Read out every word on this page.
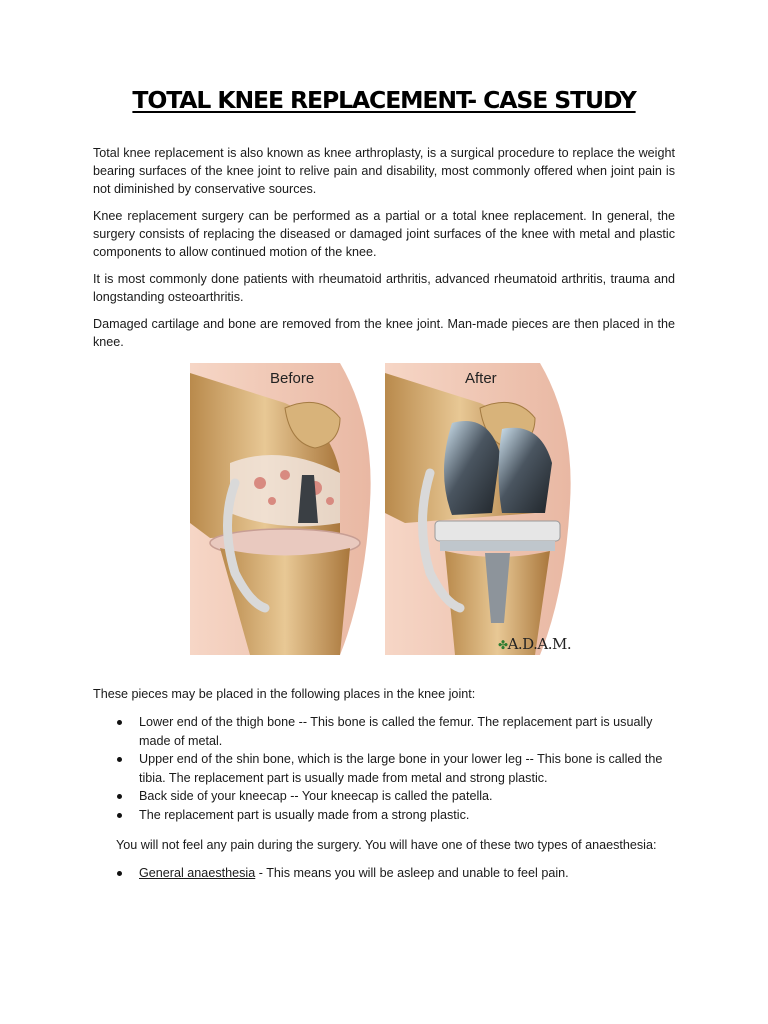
TOTAL KNEE REPLACEMENT- CASE STUDY

Total knee replacement is also known as knee arthroplasty, is a surgical procedure to replace the weight bearing surfaces of the knee joint to relive pain and disability, most commonly offered when joint pain is not diminished by conservative sources.

Knee replacement surgery can be performed as a partial or a total knee replacement. In general, the surgery consists of replacing the diseased or damaged joint surfaces of the knee with metal and plastic components to allow continued motion of the knee.

It is most commonly done patients with rheumatoid arthritis, advanced rheumatoid arthritis, trauma and longstanding osteoarthritis.

Damaged cartilage and bone are removed from the knee joint. Man-made pieces are then placed in the knee.

Before	After
✤A.D.A.M.

These pieces may be placed in the following places in the knee joint:

Lower end of the thigh bone -- This bone is called the femur. The replacement part is usually made of metal.
Upper end of the shin bone, which is the large bone in your lower leg -- This bone is called the tibia. The replacement part is usually made from metal and strong plastic.
Back side of your kneecap -- Your kneecap is called the patella.
The replacement part is usually made from a strong plastic.

You will not feel any pain during the surgery. You will have one of these two types of anaesthesia:

General anaesthesia - This means you will be asleep and unable to feel pain.
